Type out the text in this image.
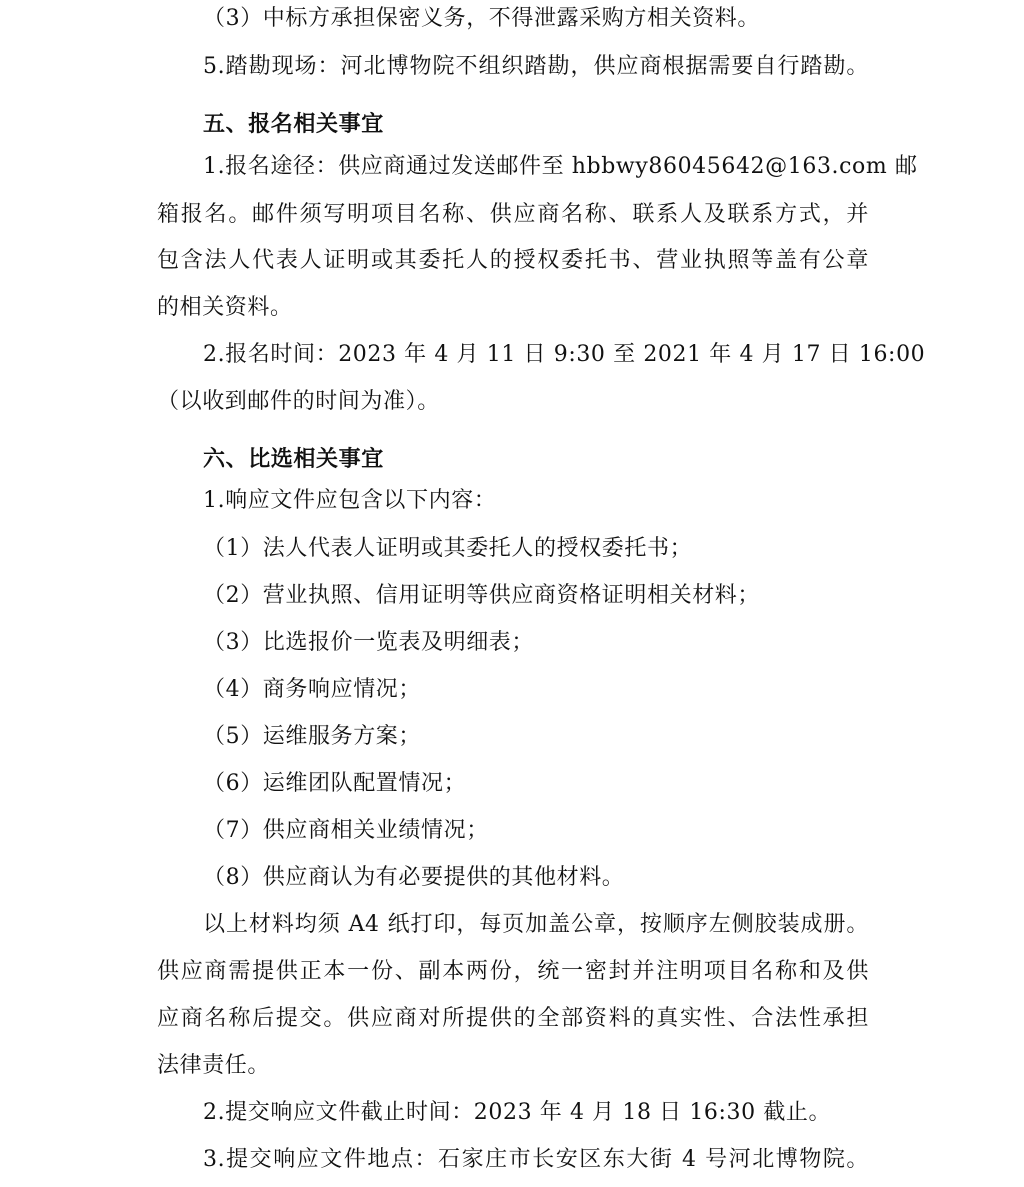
（3）中标方承担保密义务，不得泄露采购方相关资料。
5.踏勘现场：河北博物院不组织踏勘，供应商根据需要自行踏勘。
五、报名相关事宜
1.报名途径：供应商通过发送邮件至 hbbwy86045642@163.com 邮
箱报名。邮件须写明项目名称、供应商名称、联系人及联系方式，并
包含法人代表人证明或其委托人的授权委托书、营业执照等盖有公章
的相关资料。
2.报名时间：2023 年 4 月 11 日 9:30 至 2021 年 4 月 17 日 16:00
（以收到邮件的时间为准）。
六、比选相关事宜
1.响应文件应包含以下内容：
（1）法人代表人证明或其委托人的授权委托书；
（2）营业执照、信用证明等供应商资格证明相关材料；
（3）比选报价一览表及明细表；
（4）商务响应情况；
（5）运维服务方案；
（6）运维团队配置情况；
（7）供应商相关业绩情况；
（8）供应商认为有必要提供的其他材料。
以上材料均须 A4 纸打印，每页加盖公章，按顺序左侧胶装成册。
供应商需提供正本一份、副本两份，统一密封并注明项目名称和及供
应商名称后提交。供应商对所提供的全部资料的真实性、合法性承担
法律责任。
2.提交响应文件截止时间：2023 年 4 月 18 日 16:30 截止。
3.提交响应文件地点：石家庄市长安区东大街 4 号河北博物院。
